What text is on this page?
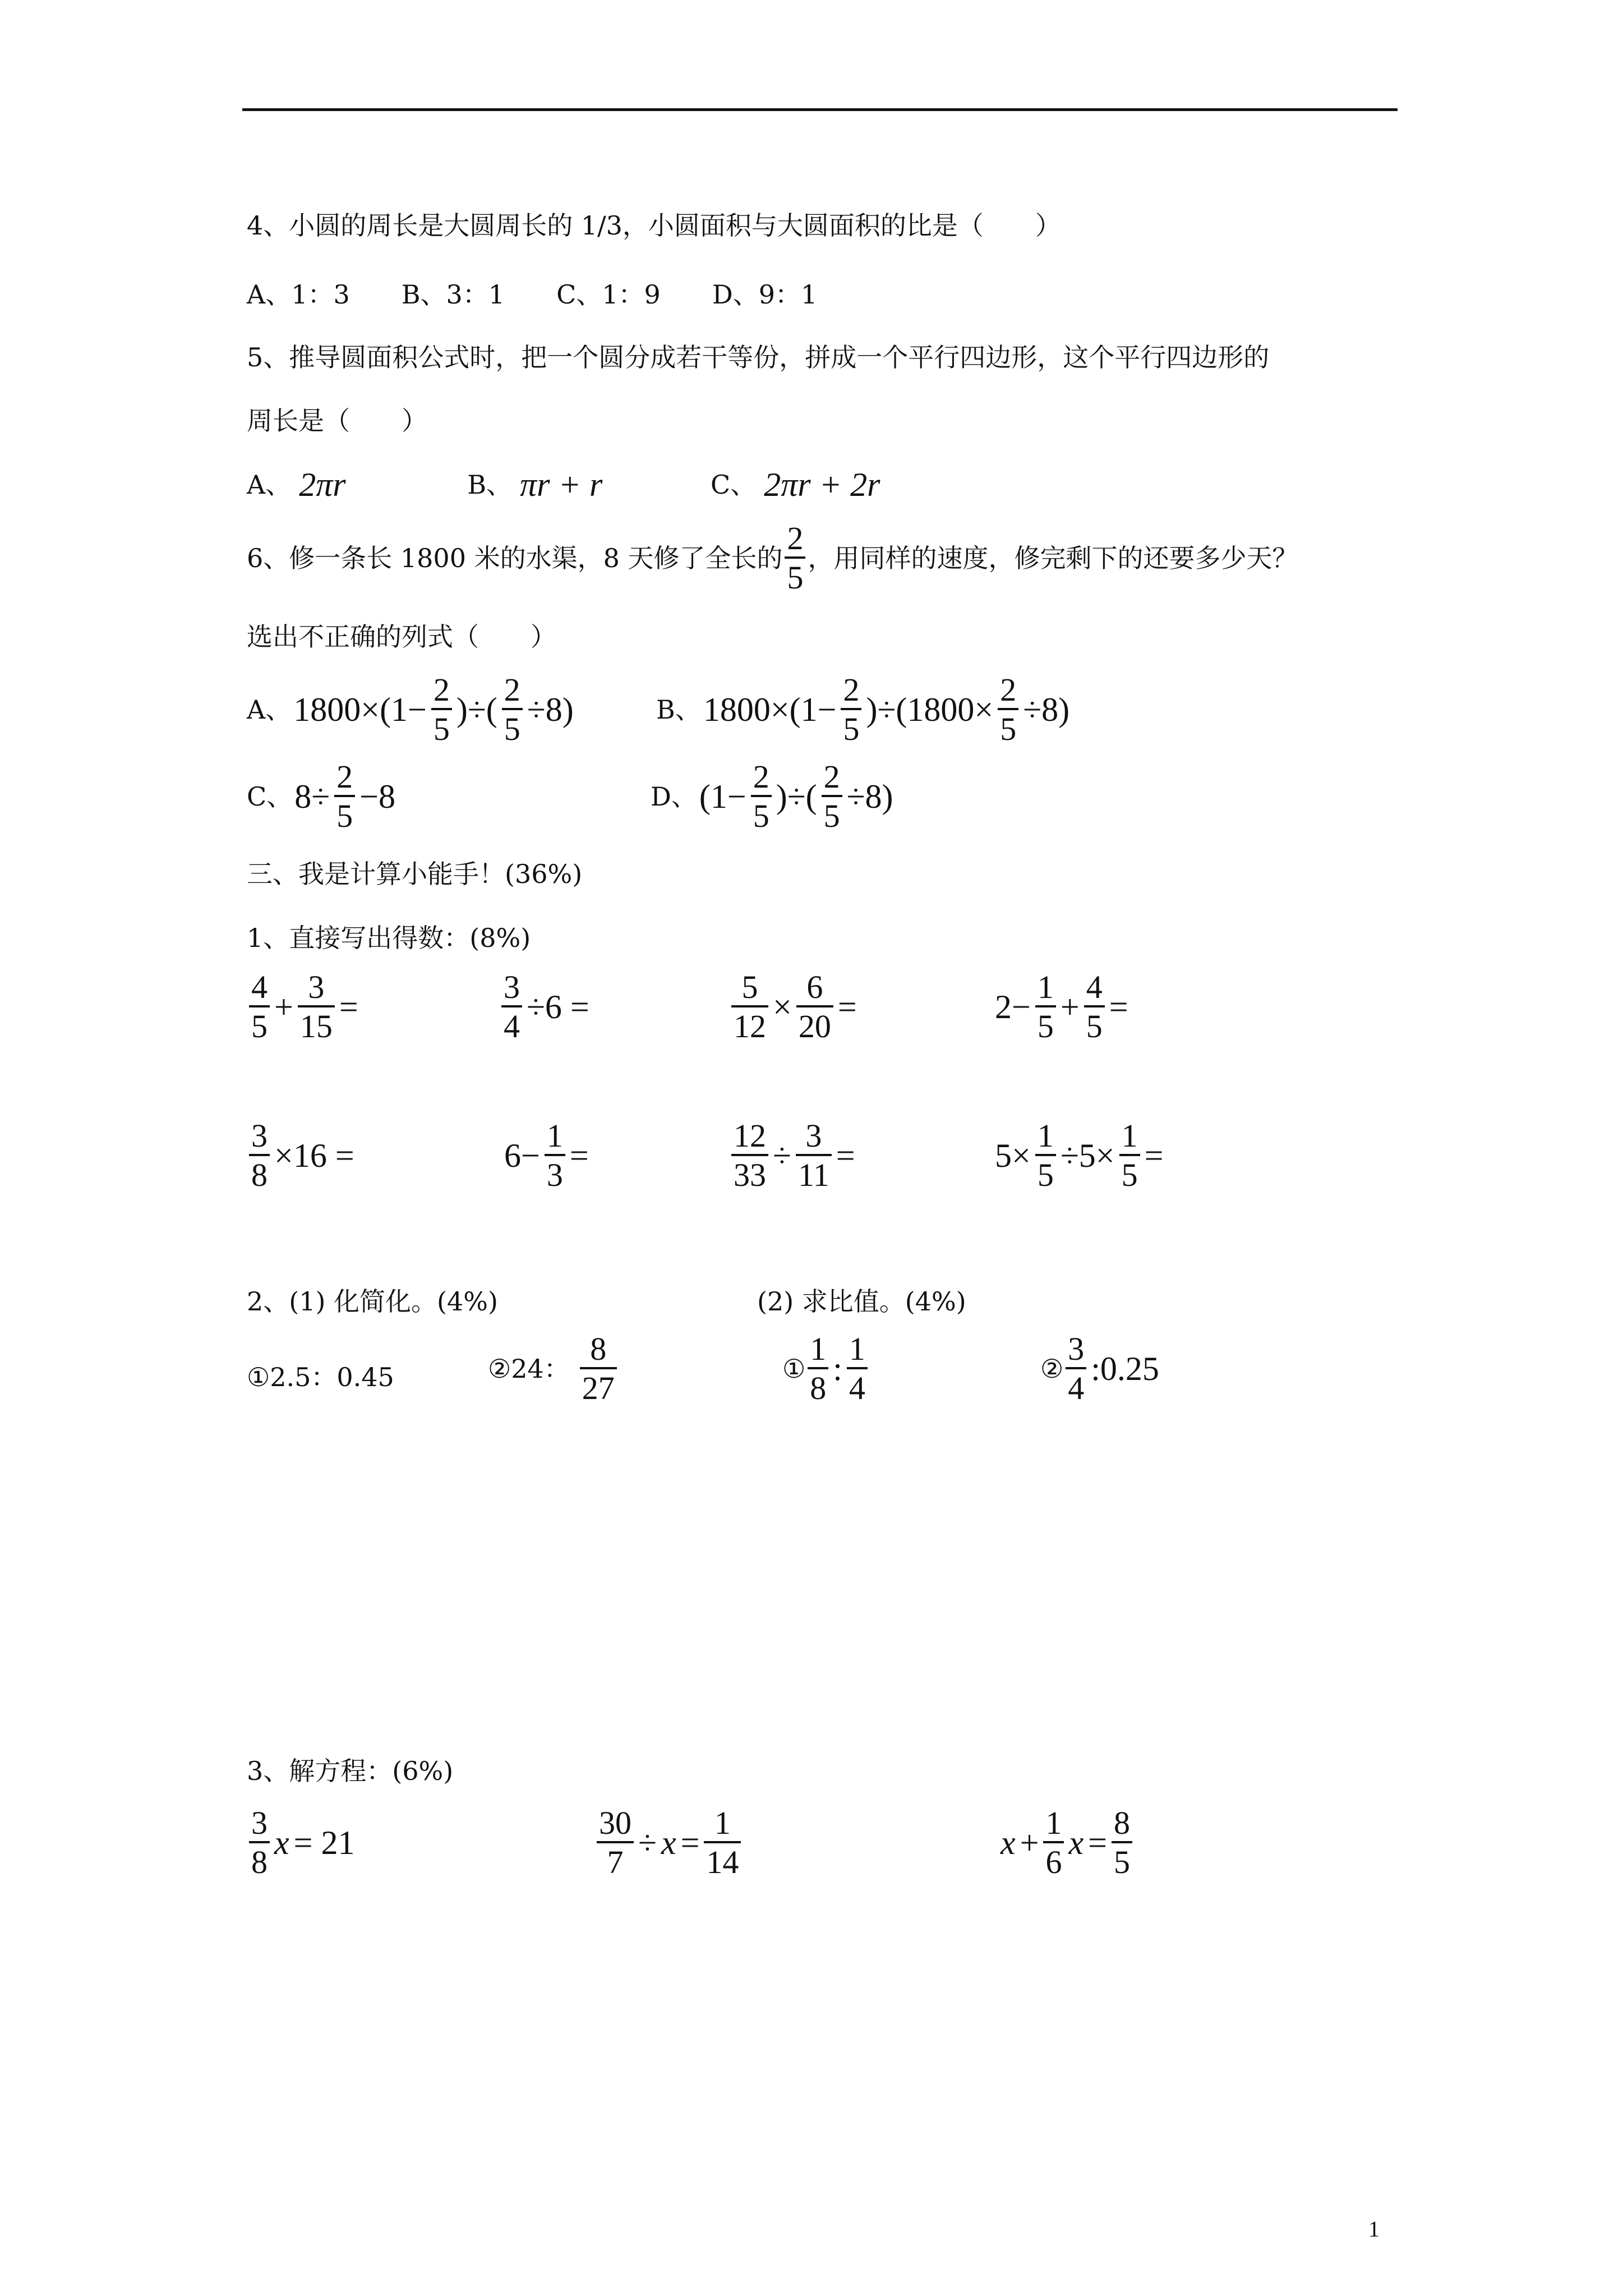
4、小圆的周长是大圆周长的 1/3，小圆面积与大圆面积的比是（　　）
A、1：3　　B、3：1　　C、1：9　　D、9：1
5、推导圆面积公式时，把一个圆分成若干等份，拼成一个平行四边形，这个平行四边形的
周长是（　　）
A、 2πr	B、 πr + r	C、 2πr + 2r
6、修一条长 1800 米的水渠，8 天修了全长的 $\frac{2}{5}$ ，用同样的速度，修完剩下的还要多少天？
选出不正确的列式（　　）
A、 $1800\times(1- \frac{2}{5}$ )÷( $\frac{2}{5} \div 8$)	B、 $1800\times(1- \frac{2}{5} )\div(1800\times \frac{2}{5} \div 8)$
C、 $8\div \frac{2}{5} -8$	D、 ($1- \frac{2}{5}$ )÷( $\frac{2}{5} \div 8$)
三、我是计算小能手！(36%)
1、直接写出得数：(8%)
$\frac{4}{5} + \frac{3}{15}$ =	$\frac{3}{4} \div 6$ =	$\frac{5}{12} \times \frac{6}{20}$ =	$2- \frac{1}{5} + \frac{4}{5}$ =
$\frac{3}{8} \times 16$ =	$6- \frac{1}{3}$ =	$\frac{12}{33} \div \frac{3}{11}$ =	$5\times \frac{1}{5} \div 5\times \frac{1}{5}$ =
2、(1) 化简化。(4%)	(2) 求比值。(4%)
①2.5：0.45	②24： $\frac{8}{27}$	① $\frac{1}{8}$ : $\frac{1}{4}$	② $\frac{3}{4}$ :0.25
3、解方程：(6%)
$\frac{3}{8}$ x = 21	$\frac{30}{7} \div x = \frac{1}{14}$	$x + \frac{1}{6}$ $x = \frac{8}{5}$
1
